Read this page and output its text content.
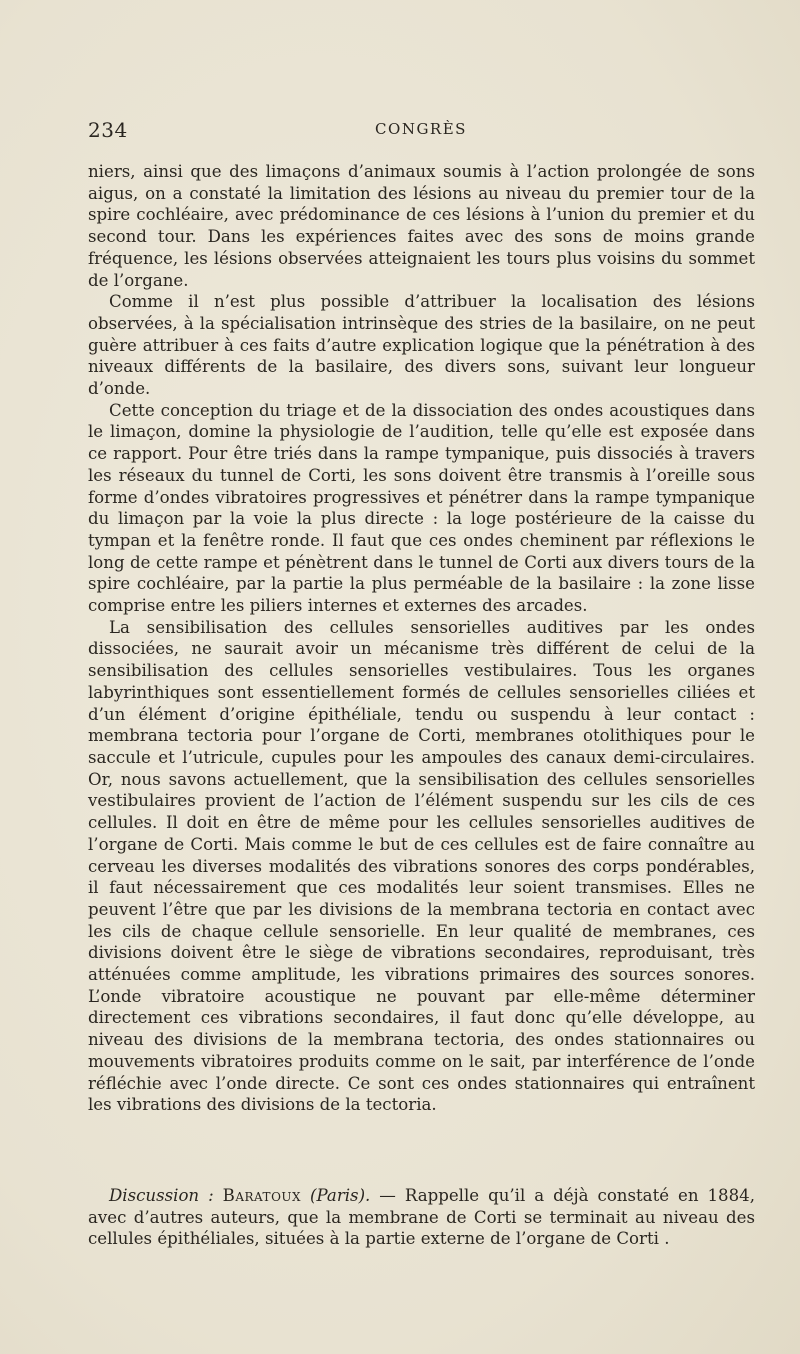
234	CONGRÈS

niers, ainsi que des limaçons d’animaux soumis à l’action prolongée de sons aigus, on a constaté la limitation des lésions au niveau du premier tour de la spire cochléaire, avec prédominance de ces lésions à l’union du premier et du second tour. Dans les expériences faites avec des sons de moins grande fréquence, les lésions observées atteignaient les tours plus voisins du sommet de l’organe.

Comme il n’est plus possible d’attribuer la localisation des lésions observées, à la spécialisation intrinsèque des stries de la basilaire, on ne peut guère attribuer à ces faits d’autre explication logique que la pénétration à des niveaux différents de la basilaire, des divers sons, suivant leur longueur d’onde.

Cette conception du triage et de la dissociation des ondes acoustiques dans le limaçon, domine la physiologie de l’audition, telle qu’elle est exposée dans ce rapport. Pour être triés dans la rampe tympanique, puis dissociés à travers les réseaux du tunnel de Corti, les sons doivent être transmis à l’oreille sous forme d’ondes vibratoires progressives et pénétrer dans la rampe tympanique du limaçon par la voie la plus directe : la loge postérieure de la caisse du tympan et la fenêtre ronde. Il faut que ces ondes cheminent par réflexions le long de cette rampe et pénètrent dans le tunnel de Corti aux divers tours de la spire cochléaire, par la partie la plus perméable de la basilaire : la zone lisse comprise entre les piliers internes et externes des arcades.

La sensibilisation des cellules sensorielles auditives par les ondes dissociées, ne saurait avoir un mécanisme très différent de celui de la sensibilisation des cellules sensorielles vestibulaires. Tous les organes labyrinthiques sont essentiellement formés de cellules sensorielles ciliées et d’un élément d’origine épithéliale, tendu ou suspendu à leur contact : membrana tectoria pour l’organe de Corti, membranes otolithiques pour le saccule et l’utricule, cupules pour les ampoules des canaux demi-circulaires. Or, nous savons actuellement, que la sensibilisation des cellules sensorielles vestibulaires provient de l’action de l’élément suspendu sur les cils de ces cellules. Il doit en être de même pour les cellules sensorielles auditives de l’organe de Corti. Mais comme le but de ces cellules est de faire connaître au cerveau les diverses modalités des vibrations sonores des corps pondérables, il faut nécessairement que ces modalités leur soient transmises. Elles ne peuvent l’être que par les divisions de la membrana tectoria en contact avec les cils de chaque cellule sensorielle. En leur qualité de membranes, ces divisions doivent être le siège de vibrations secondaires, reproduisant, très atténuées comme amplitude, les vibrations primaires des sources sonores. L’onde vibratoire acoustique ne pouvant par elle-même déterminer directement ces vibrations secondaires, il faut donc qu’elle développe, au niveau des divisions de la membrana tectoria, des ondes stationnaires ou mouvements vibratoires produits comme on le sait, par interférence de l’onde réfléchie avec l’onde directe. Ce sont ces ondes stationnaires qui entraînent les vibrations des divisions de la tectoria.

Discussion : Baratoux (Paris). — Rappelle qu’il a déjà constaté en 1884, avec d’autres auteurs, que la membrane de Corti se terminait au niveau des cellules épithéliales, situées à la partie externe de l’organe de Corti .
